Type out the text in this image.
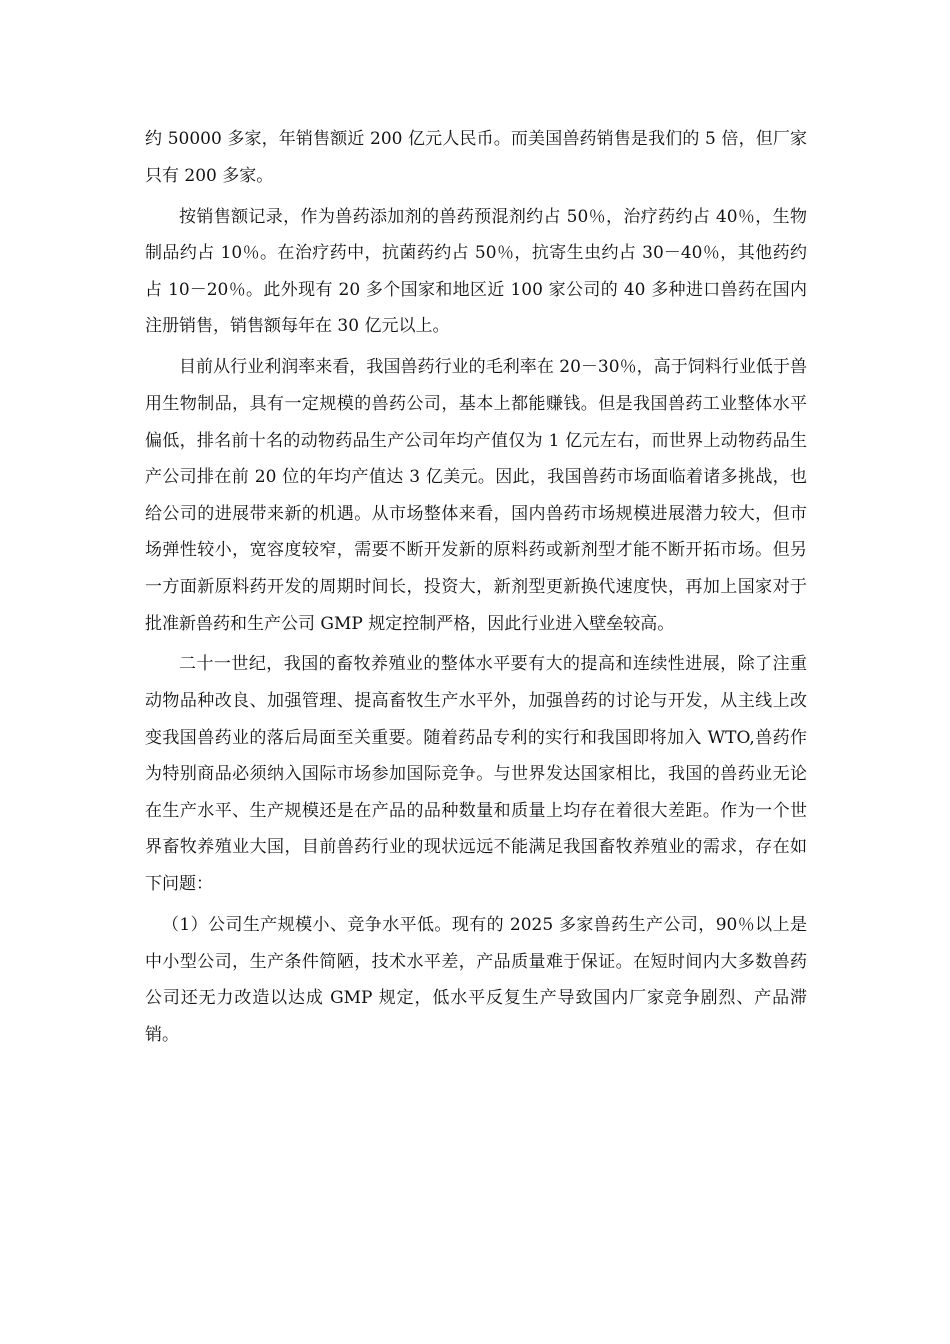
约 50000 多家，年销售额近 200 亿元人民币。而美国兽药销售是我们的 5 倍，但厂家只有 200 多家。

按销售额记录，作为兽药添加剂的兽药预混剂约占 50％，治疗药约占 40％，生物制品约占 10％。在治疗药中，抗菌药约占 50％，抗寄生虫约占 30－40％，其他药约占 10－20％。此外现有 20 多个国家和地区近 100 家公司的 40 多种进口兽药在国内注册销售，销售额每年在 30 亿元以上。

目前从行业利润率来看，我国兽药行业的毛利率在 20－30％，高于饲料行业低于兽用生物制品，具有一定规模的兽药公司，基本上都能赚钱。但是我国兽药工业整体水平偏低，排名前十名的动物药品生产公司年均产值仅为 1 亿元左右，而世界上动物药品生产公司排在前 20 位的年均产值达 3 亿美元。因此，我国兽药市场面临着诸多挑战，也给公司的进展带来新的机遇。从市场整体来看，国内兽药市场规模进展潜力较大，但市场弹性较小，宽容度较窄，需要不断开发新的原料药或新剂型才能不断开拓市场。但另一方面新原料药开发的周期时间长，投资大，新剂型更新换代速度快，再加上国家对于批准新兽药和生产公司 GMP 规定控制严格，因此行业进入壁垒较高。

二十一世纪，我国的畜牧养殖业的整体水平要有大的提高和连续性进展，除了注重动物品种改良、加强管理、提高畜牧生产水平外，加强兽药的讨论与开发，从主线上改变我国兽药业的落后局面至关重要。随着药品专利的实行和我国即将加入 WTO,兽药作为特别商品必须纳入国际市场参加国际竞争。与世界发达国家相比，我国的兽药业无论在生产水平、生产规模还是在产品的品种数量和质量上均存在着很大差距。作为一个世界畜牧养殖业大国，目前兽药行业的现状远远不能满足我国畜牧养殖业的需求，存在如下问题：

（1）公司生产规模小、竞争水平低。现有的 2025 多家兽药生产公司，90％以上是中小型公司，生产条件简陋，技术水平差，产品质量难于保证。在短时间内大多数兽药公司还无力改造以达成 GMP 规定，低水平反复生产导致国内厂家竞争剧烈、产品滞销。
